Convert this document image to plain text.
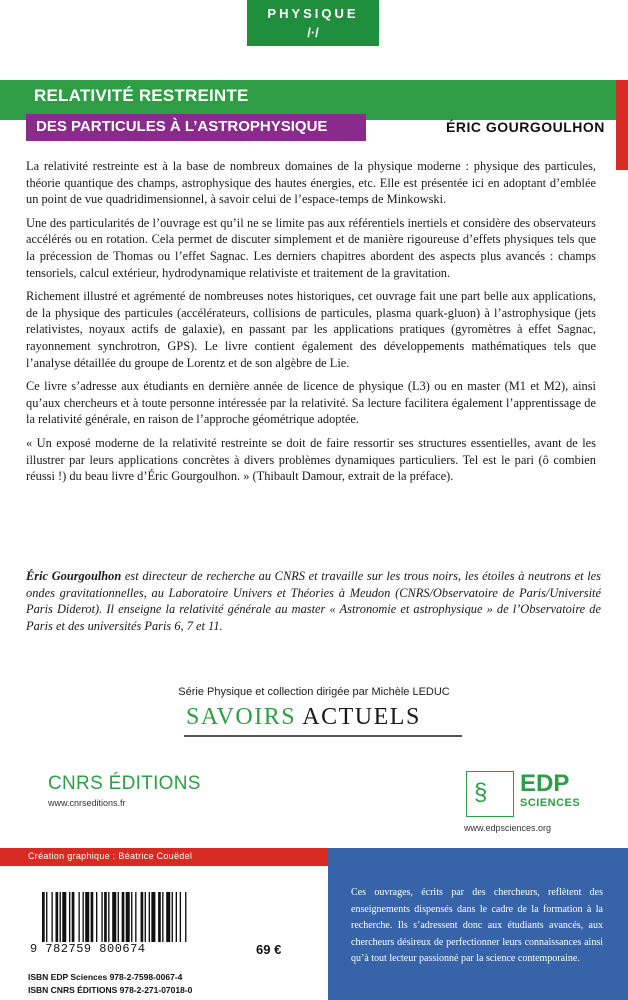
PHYSIQUE
/·/
RELATIVITÉ RESTREINTE
DES PARTICULES À L’ASTROPHYSIQUE	ÉRIC GOURGOULHON

La relativité restreinte est à la base de nombreux domaines de la physique moderne : physique des particules, théorie quantique des champs, astrophysique des hautes énergies, etc. Elle est présentée ici en adoptant d’emblée un point de vue quadridimensionnel, à savoir celui de l’espace-temps de Minkowski.

Une des particularités de l’ouvrage est qu’il ne se limite pas aux référentiels inertiels et considère des observateurs accélérés ou en rotation. Cela permet de discuter simplement et de manière rigoureuse d’effets physiques tels que la précession de Thomas ou l’effet Sagnac. Les derniers chapitres abordent des aspects plus avancés : champs tensoriels, calcul extérieur, hydrodynamique relativiste et traitement de la gravitation.

Richement illustré et agrémenté de nombreuses notes historiques, cet ouvrage fait une part belle aux applications, de la physique des particules (accélérateurs, collisions de particules, plasma quark-gluon) à l’astrophysique (jets relativistes, noyaux actifs de galaxie), en passant par les applications pratiques (gyromètres à effet Sagnac, rayonnement synchrotron, GPS). Le livre contient également des développements mathématiques tels que l’analyse détaillée du groupe de Lorentz et de son algèbre de Lie.

Ce livre s’adresse aux étudiants en dernière année de licence de physique (L3) ou en master (M1 et M2), ainsi qu’aux chercheurs et à toute personne intéressée par la relativité. Sa lecture facilitera également l’apprentissage de la relativité générale, en raison de l’approche géométrique adoptée.

« Un exposé moderne de la relativité restreinte se doit de faire ressortir ses structures essentielles, avant de les illustrer par leurs applications concrètes à divers problèmes dynamiques particuliers. Tel est le pari (ô combien réussi !) du beau livre d’Éric Gourgoulhon. » (Thibault Damour, extrait de la préface).

Éric Gourgoulhon est directeur de recherche au CNRS et travaille sur les trous noirs, les étoiles à neutrons et les ondes gravitationnelles, au Laboratoire Univers et Théories à Meudon (CNRS/Observatoire de Paris/Université Paris Diderot). Il enseigne la relativité générale au master « Astronomie et astrophysique » de l’Observatoire de Paris et des universités Paris 6, 7 et 11.

Série Physique et collection dirigée par Michèle LEDUC
SAVOIRS ACTUELS
CNRS ÉDITIONS
www.cnrseditions.fr	§ EDP
SCIENCES
www.edpsciences.org
Création graphique : Béatrice Couëdel
Ces ouvrages, écrits par des chercheurs, reflètent des enseignements dispensés dans le cadre de la formation à la recherche. Ils s’adressent donc aux étudiants avancés, aux chercheurs désireux de perfectionner leurs connaissances ainsi qu’à tout lecteur passionné par la science contemporaine.
9 782759 800674	69 €
ISBN EDP Sciences 978-2-7598-0067-4
ISBN CNRS ÉDITIONS 978-2-271-07018-0
